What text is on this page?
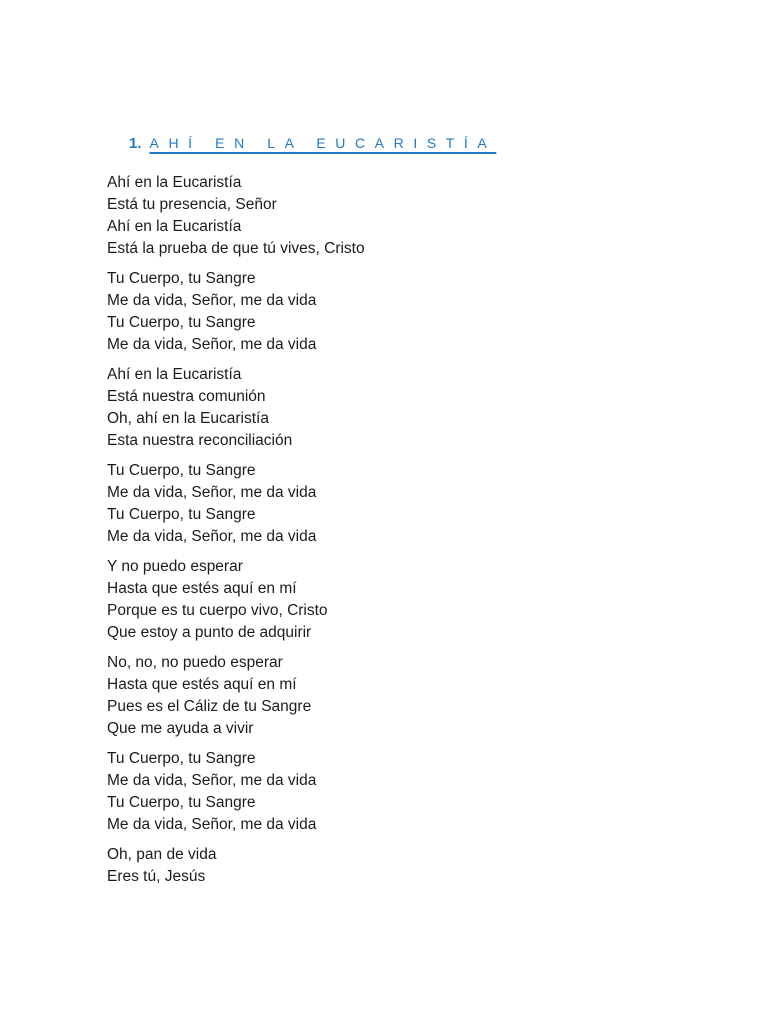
1. AHÍ EN LA EUCARISTÍA
Ahí en la Eucaristía
Está tu presencia, Señor
Ahí en la Eucaristía
Está la prueba de que tú vives, Cristo
Tu Cuerpo, tu Sangre
Me da vida, Señor, me da vida
Tu Cuerpo, tu Sangre
Me da vida, Señor, me da vida
Ahí en la Eucaristía
Está nuestra comunión
Oh, ahí en la Eucaristía
Esta nuestra reconciliación
Tu Cuerpo, tu Sangre
Me da vida, Señor, me da vida
Tu Cuerpo, tu Sangre
Me da vida, Señor, me da vida
Y no puedo esperar
Hasta que estés aquí en mí
Porque es tu cuerpo vivo, Cristo
Que estoy a punto de adquirir
No, no, no puedo esperar
Hasta que estés aquí en mí
Pues es el Cáliz de tu Sangre
Que me ayuda a vivir
Tu Cuerpo, tu Sangre
Me da vida, Señor, me da vida
Tu Cuerpo, tu Sangre
Me da vida, Señor, me da vida
Oh, pan de vida
Eres tú, Jesús
